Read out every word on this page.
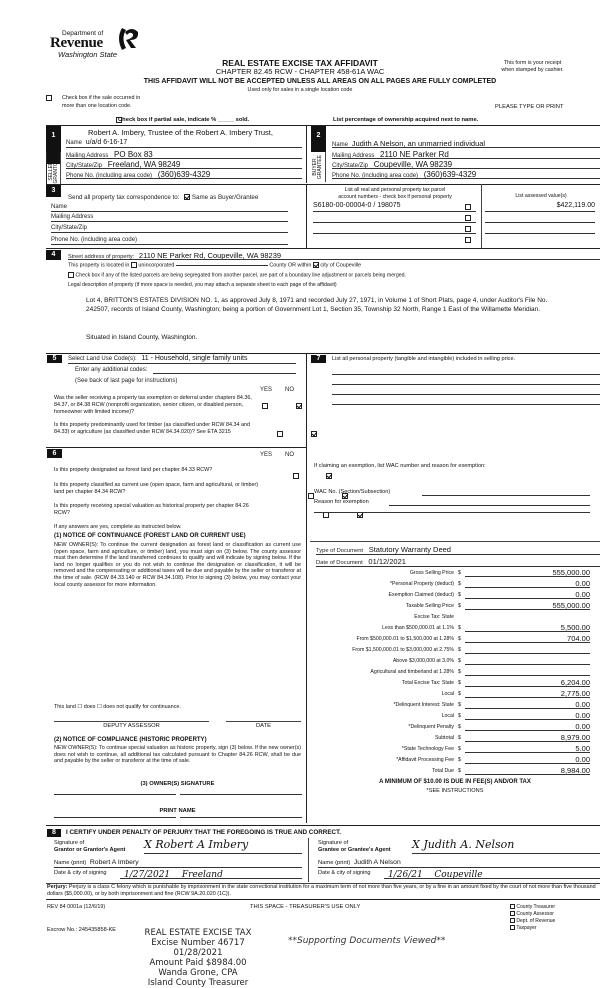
Department of
Revenue
Washington State
REAL ESTATE EXCISE TAX AFFIDAVIT
CHAPTER 82.45 RCW - CHAPTER 458-61A WAC
This form is your receipt
when stamped by cashier.
THIS AFFIDAVIT WILL NOT BE ACCEPTED UNLESS ALL AREAS ON ALL PAGES ARE FULLY COMPLETED
Used only for sales in a single location code

Check box if the sale occurred in
more than one location code.	PLEASE TYPE OR PRINT
Check box if partial sale, indicate % _____ sold.	List percentage of ownership acquired next to name.
1
SELLER GRANTOR
Robert A. Imbery, Trustee of the Robert A. Imbery Trust,
Name u/a/d 6-16-17
Mailing Address PO Box 83
City/State/Zip Freeland, WA 98249
Phone No. (including area code) (360)639-4329
2
BUYER GRANTEE
Name Judith A Nelson, an unmarried individual
Mailing Address 2110 NE Parker Rd
City/State/Zip Coupeville, WA 98239
Phone No. (including area code) (360)639-4329
3
Send all property tax correspondence to: Same as Buyer/Grantee
Name
Mailing Address
City/State/Zip
Phone No. (including area code)
List all real and personal property tax parcel
account numbers - check box if personal property	List assessed value(s)
S6180-00-00004-0 / 198075	$422,119.00
4	Street address of property: 2110 NE Parker Rd, Coupeville, WA 98239
This property is located in unincorporated	County OR within city of Coupeville
Check box if any of the listed parcels are being segregated from another parcel, are part of a boundary line adjustment or parcels being merged.
Legal description of property (if more space is needed, you may attach a separate sheet to each page of the affidavit)
Lot 4, BRITTON'S ESTATES DIVISION NO. 1, as approved July 8, 1971 and recorded July 27, 1971, in Volume 1 of Short Plats, page 4, under Auditor's File No. 242507, records of Island County, Washington; being a portion of Government Lot 1, Section 35, Township 32 North, Range 1 East of the Willamette Meridian.
Situated in Island County, Washington.
5	Select Land Use Code(s): 11 - Household, single family units
Enter any additional codes:
(See back of last page for instructions)
YES NO
Was the seller receiving a property tax exemption or deferral under chapters 84.36, 84.37, or 84.38 RCW (nonprofit organization, senior citizen, or disabled person, homeowner with limited income)?

Is this property predominantly used for timber (as classified under RCW 84.34 and 84.33) or agriculture (as classified under RCW 84.34.020)? See ETA 3215

6	YES NO
Is this property designated as forest land per chapter 84.33 RCW?

Is this property classified as current use (open space, farm and agricultural, or timber) land per chapter 84.34 RCW?

Is this property receiving special valuation as historical property per chapter 84.26 RCW?

If any answers are yes, complete as instructed below.
(1) NOTICE OF CONTINUANCE (FOREST LAND OR CURRENT USE)
NEW OWNER(S): To continue the current designation as forest land or classification as current use (open space, farm and agriculture, or timber) land, you must sign on (3) below. The county assessor must then determine if the land transferred continues to qualify and will indicate by signing below. If the land no longer qualifies or you do not wish to continue the designation or classification, it will be removed and the compensating or additional taxes will be due and payable by the seller or transferor at the time of sale. (RCW 84.33.140 or RCW 84.34.108). Prior to signing (3) below, you may contact your local county assessor for more information.
This land ☐ does ☐ does not qualify for continuance.
DEPUTY ASSESSOR	DATE
(2) NOTICE OF COMPLIANCE (HISTORIC PROPERTY)
NEW OWNER(S): To continue special valuation as historic property, sign (3) below. If the new owner(s) does not wish to continue, all additional tax calculated pursuant to Chapter 84.26 RCW, shall be due and payable by the seller or transferor at the time of sale.
(3) OWNER(S) SIGNATURE
PRINT NAME
7	List all personal property (tangible and intangible) included in selling price.
If claiming an exemption, list WAC number and reason for exemption:
WAC No. (Section/Subsection)
Reason for exemption
Type of Document Statutory Warranty Deed
Date of Document 01/12/2021
Gross Selling Price $	555,000.00
*Personal Property (deduct) $	0.00
Exemption Claimed (deduct) $	0.00
Taxable Selling Price $	555,000.00
Excise Tax: State
Less than $500,000.01 at 1.1% $	5,500.00
From $500,000.01 to $1,500,000 at 1.28% $	704.00
From $1,500,000.01 to $3,000,000 at 2.75% $
Above $3,000,000 at 3.0% $
Agricultural and timberland at 1.28% $
Total Excise Tax: State $	6,204.00
Local $	2,775.00
*Delinquent Interest: State $	0.00
Local $	0.00
*Delinquent Penalty $	0.00
Subtotal $	8,979.00
*State Technology Fee $	5.00
*Affidavit Processing Fee $	0.00
Total Due $	8,984.00
A MINIMUM OF $10.00 IS DUE IN FEE(S) AND/OR TAX
*SEE INSTRUCTIONS
8	I CERTIFY UNDER PENALTY OF PERJURY THAT THE FOREGOING IS TRUE AND CORRECT.
Signature of
Grantor or Grantor's Agent X Robert A Imbery
Name (print) Robert A Imbery
Date & city of signing	1/27/2021 Freeland
Signature of
Grantee or Grantee's Agent X Judith A. Nelson
Name (print) Judith A Nelson
Date & city of signing	1/26/21 Coupeville
Perjury: Perjury is a class C felony which is punishable by imprisonment in the state correctional institution for a maximum term of not more than five years, or by a fine in an amount fixed by the court of not more than five thousand dollars ($5,000.00), or by both imprisonment and fine (RCW 9A.20.020 (1C)).
REV 84 0001a (12/6/19)	THIS SPACE - TREASURER'S USE ONLY	County Treasurer
County Assessor
Dept. of Revenue
Taxpayer
Escrow No.: 245435858-KE	REAL ESTATE EXCISE TAX
Excise Number 46717
01/28/2021
Amount Paid $8984.00
Wanda Grone, CPA
Island County Treasurer
**Supporting Documents Viewed**
